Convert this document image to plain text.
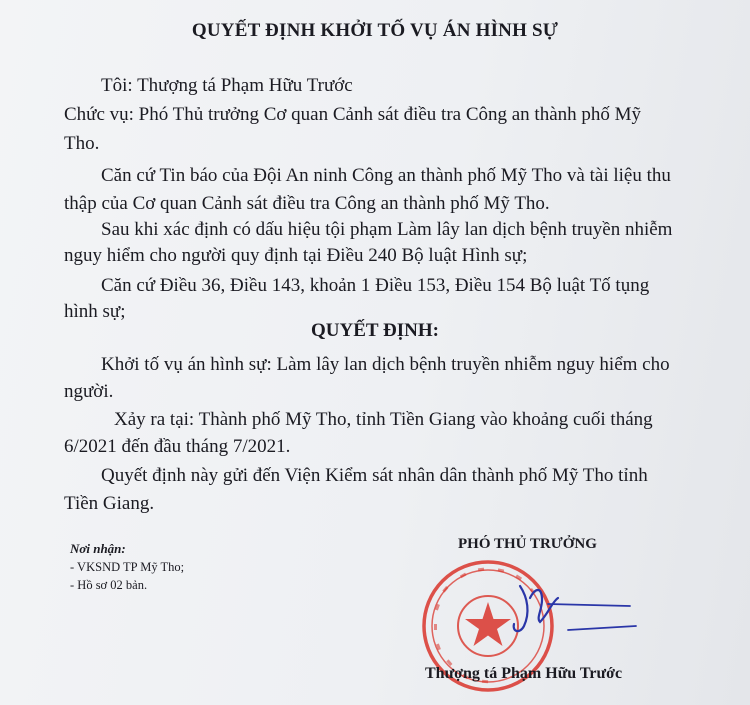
QUYẾT ĐỊNH KHỞI TỐ VỤ ÁN HÌNH SỰ
Tôi: Thượng tá Phạm Hữu Trước
Chức vụ: Phó Thủ trưởng Cơ quan Cảnh sát điều tra Công an thành phố Mỹ
Tho.
Căn cứ Tin báo của Đội An ninh Công an thành phố Mỹ Tho và tài liệu thu
thập của Cơ quan Cảnh sát điều tra Công an thành phố Mỹ Tho.
Sau khi xác định có dấu hiệu tội phạm Làm lây lan dịch bệnh truyền nhiễm
nguy hiểm cho người quy định tại Điều 240 Bộ luật Hình sự;
Căn cứ Điều 36, Điều 143, khoản 1 Điều 153, Điều 154 Bộ luật Tố tụng
hình sự;
QUYẾT ĐỊNH:
Khởi tố vụ án hình sự: Làm lây lan dịch bệnh truyền nhiễm nguy hiểm cho
người.
Xảy ra tại: Thành phố Mỹ Tho, tỉnh Tiền Giang vào khoảng cuối tháng
6/2021 đến đầu tháng 7/2021.
Quyết định này gửi đến Viện Kiểm sát nhân dân thành phố Mỹ Tho tỉnh
Tiền Giang.
Nơi nhận:
- VKSND TP Mỹ Tho;
- Hồ sơ 02 bản.
PHÓ THỦ TRƯỞNG
Thượng tá Phạm Hữu Trước
